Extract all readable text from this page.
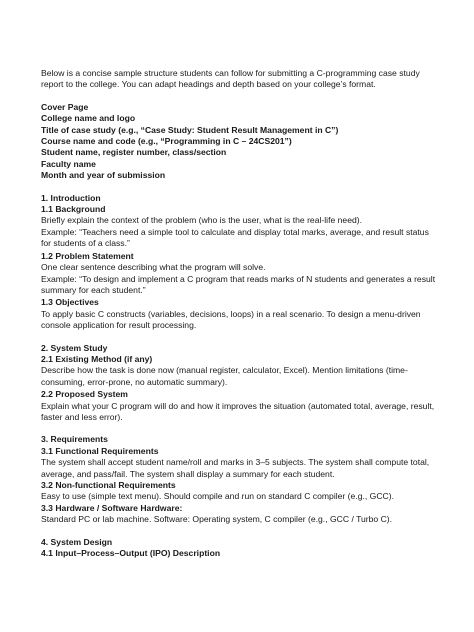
Below is a concise sample structure students can follow for submitting a C-programming case study report to the college. You can adapt headings and depth based on your college’s format.

Cover Page

College name and logo

Title of case study (e.g., “Case Study: Student Result Management in C”)

Course name and code (e.g., “Programming in C – 24CS201”)

Student name, register number, class/section

Faculty name

Month and year of submission

1. Introduction

1.1 Background

Briefly explain the context of the problem (who is the user, what is the real-life need).

Example: “Teachers need a simple tool to calculate and display total marks, average, and result status for students of a class.”

1.2 Problem Statement

One clear sentence describing what the program will solve.

Example: “To design and implement a C program that reads marks of N students and generates a result summary for each student.”

1.3 Objectives

To apply basic C constructs (variables, decisions, loops) in a real scenario. To design a menu-driven console application for result processing.

2. System Study

2.1 Existing Method (if any)

Describe how the task is done now (manual register, calculator, Excel). Mention limitations (time-consuming, error-prone, no automatic summary).

2.2 Proposed System

Explain what your C program will do and how it improves the situation (automated total, average, result, faster and less error).

3. Requirements

3.1 Functional Requirements

The system shall accept student name/roll and marks in 3–5 subjects. The system shall compute total, average, and pass/fail. The system shall display a summary for each student.

3.2 Non-functional Requirements

Easy to use (simple text menu). Should compile and run on standard C compiler (e.g., GCC).

3.3 Hardware / Software Hardware:

Standard PC or lab machine. Software: Operating system, C compiler (e.g., GCC / Turbo C).

4. System Design

4.1 Input–Process–Output (IPO) Description
